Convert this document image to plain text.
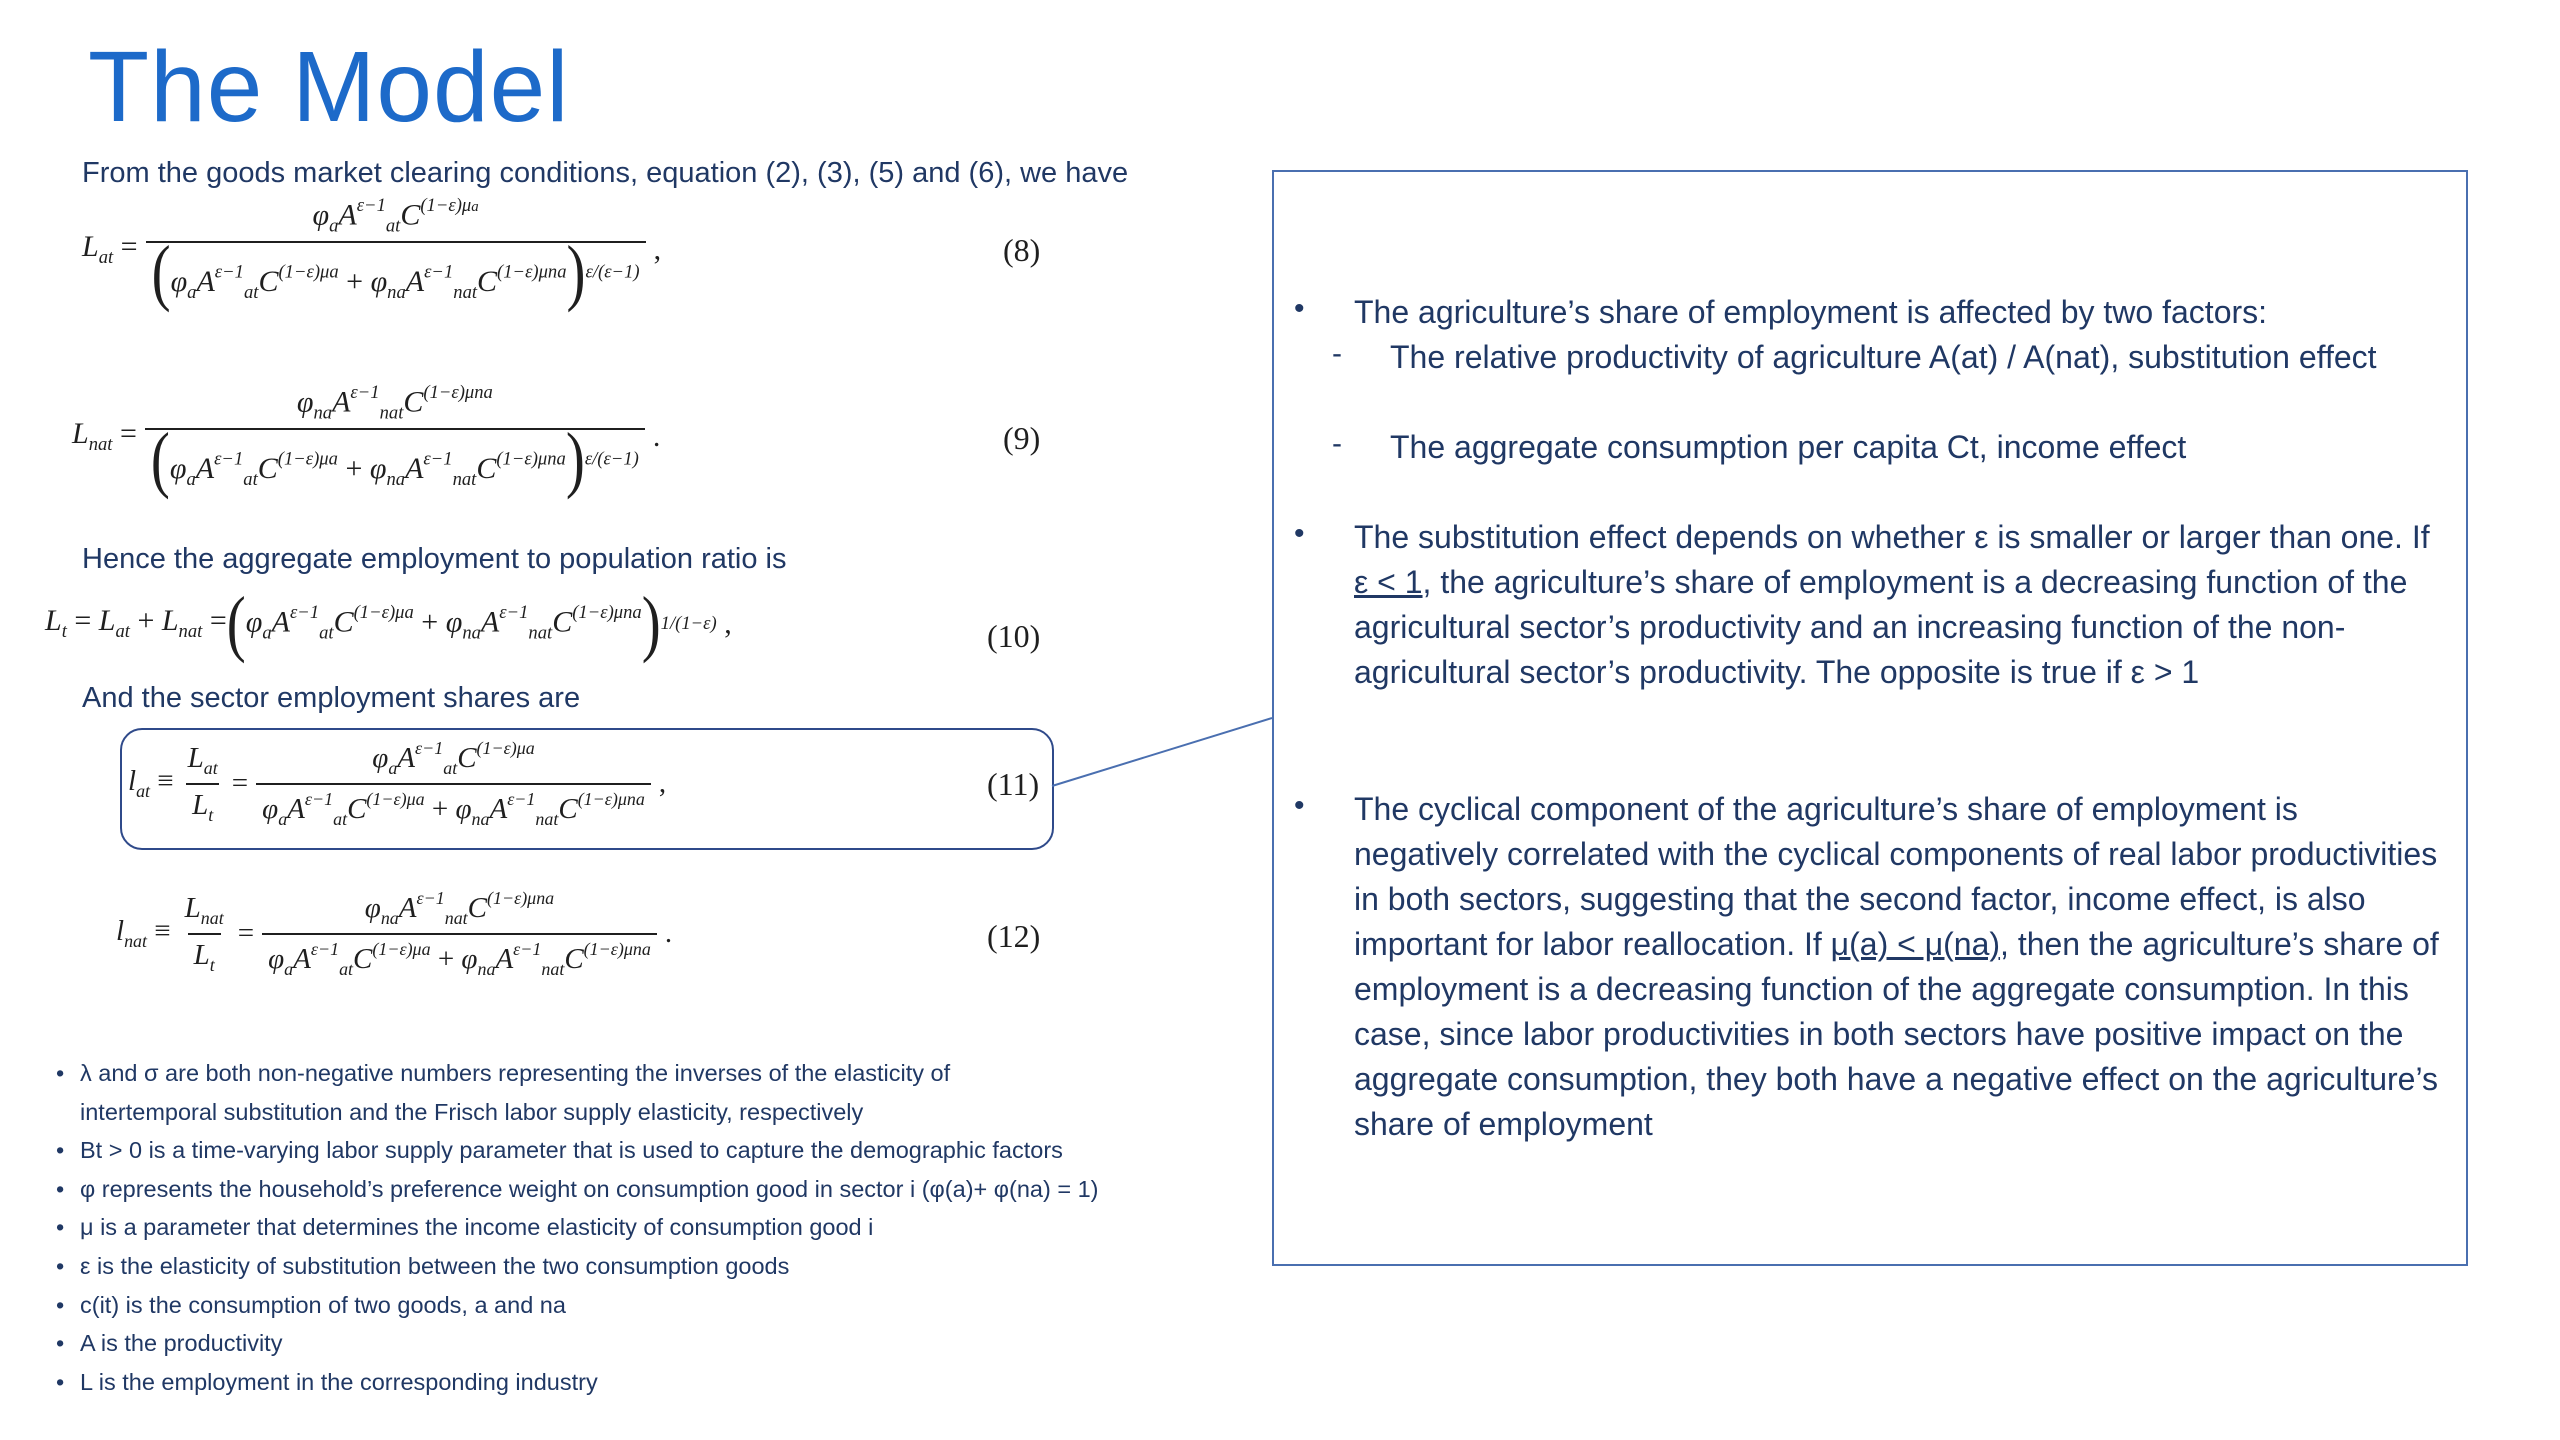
The Model
From the goods market clearing conditions, equation (2), (3), (5) and (6), we have
$L_{at} = \frac{\varphi_aA^{\varepsilon-1}_{at}C^{(1-\varepsilon)\mu a}}{(\varphi_aA^{\varepsilon-1}_{at}C^{(1-\varepsilon)\mu a} + \varphi_{na}A^{\varepsilon-1}_{nat}C^{(1-\varepsilon)\mu na})^{\varepsilon/(\varepsilon-1)}}$ ,	(8)
$L_{nat} = \frac{\varphi_{na}A^{\varepsilon-1}_{nat}C^{(1-\varepsilon)\mu na}}{(\varphi_aA^{\varepsilon-1}_{at}C^{(1-\varepsilon)\mu a} + \varphi_{na}A^{\varepsilon-1}_{nat}C^{(1-\varepsilon)\mu na})^{\varepsilon/(\varepsilon-1)}}$ .	(9)
Hence the aggregate employment to population ratio is
$L_t = L_{at} + L_{nat}$ = ( $\varphi_aA^{\varepsilon-1}_{at}C^{(1-\varepsilon)\mu a} + \varphi_{na}A^{\varepsilon-1}_{nat}C^{(1-\varepsilon)\mu na}$ ) 1/(1−ε) ,	(10)
And the sector employment shares are
$l_{at} \equiv \frac{L_{at}}{L_t} = \frac{\varphi_aA^{\varepsilon-1}_{at}C^{(1-\varepsilon)\mu a}}{\varphi_aA^{\varepsilon-1}_{at}C^{(1-\varepsilon)\mu a} + \varphi_{na}A^{\varepsilon-1}_{nat}C^{(1-\varepsilon)\mu na}}$ ,	(11)
$l_{nat} \equiv \frac{L_{nat}}{L_t} = \frac{\varphi_{na}A^{\varepsilon-1}_{nat}C^{(1-\varepsilon)\mu na}}{\varphi_aA^{\varepsilon-1}_{at}C^{(1-\varepsilon)\mu a} + \varphi_{na}A^{\varepsilon-1}_{nat}C^{(1-\varepsilon)\mu na}}$ .	(12)
• The agriculture’s share of employment is affected by two factors:
- The relative productivity of agriculture A(at) / A(nat), substitution effect
- The aggregate consumption per capita Ct, income effect
• The substitution effect depends on whether ε is smaller or larger than one. If ε < 1, the agriculture’s share of employment is a decreasing function of the agricultural sector’s productivity and an increasing function of the non-agricultural sector’s productivity. The opposite is true if ε > 1
• The cyclical component of the agriculture’s share of employment is negatively correlated with the cyclical components of real labor productivities in both sectors, suggesting that the second factor, income effect, is also important for labor reallocation. If μ(a) < μ(na), then the agriculture’s share of employment is a decreasing function of the aggregate consumption. In this case, since labor productivities in both sectors have positive impact on the aggregate consumption, they both have a negative effect on the agriculture’s share of employment
• λ and σ are both non-negative numbers representing the inverses of the elasticity of
intertemporal substitution and the Frisch labor supply elasticity, respectively
• Bt > 0 is a time-varying labor supply parameter that is used to capture the demographic factors
• φ represents the household’s preference weight on consumption good in sector i (φ(a)+ φ(na) = 1)
• μ is a parameter that determines the income elasticity of consumption good i
• ε is the elasticity of substitution between the two consumption goods
• c(it) is the consumption of two goods, a and na
• A is the productivity
• L is the employment in the corresponding industry
